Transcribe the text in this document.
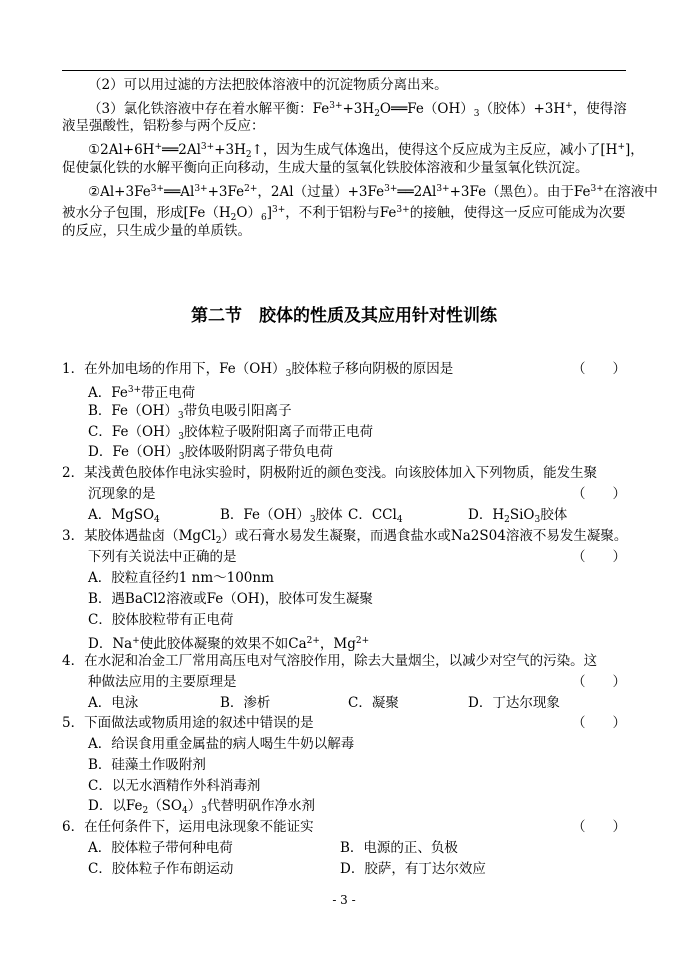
（2）可以用过滤的方法把胶体溶液中的沉淀物质分离出来。
（3）氯化铁溶液中存在着水解平衡：$Fe^{3+}+3H_2O══Fe(OH)_3$（胶体）+3H+，使得溶
液呈强酸性，铝粉参与两个反应：
$①2Al+6H^+══2Al^{3+}+3H_2↑$，因为生成气体逸出，使得这个反应成为主反应，减小了[H+]，
促使氯化铁的水解平衡向正向移动，生成大量的氢氧化铁胶体溶液和少量氢氧化铁沉淀。
$②Al+3Fe^{3+}══Al^{3+}+3Fe^{2+}$，2Al（过量）$+3Fe^{3+}══2Al^{3+}+3Fe$（黑色）。由于$Fe^{3+}$在溶液中
被水分子包围，形成$[Fe(H_2O)_6]^{3+}$，不利于铝粉与$Fe^{3+}$的接触，使得这一反应可能成为次要
的反应，只生成少量的单质铁。
第二节　胶体的性质及其应用针对性训练
1．在外加电场的作用下，$Fe(OH)_3$胶体粒子移向阴极的原因是	（　　）
A．$Fe^{3+}$带正电荷
B．$Fe(OH)_3$带负电吸引阳离子
C．$Fe(OH)_3$胶体粒子吸附阳离子而带正电荷
D．$Fe(OH)_3$胶体吸附阴离子带负电荷
2．某浅黄色胶体作电泳实验时，阴极附近的颜色变浅。向该胶体加入下列物质，能发生聚
沉现象的是	（　　）
A．MgSO$_4$	B．$Fe(OH)_3$胶体 C．CCl$_4$	D．$H_2SiO_3$胶体
3．某胶体遇盐卤（MgCl$_2$）或石膏水易发生凝聚，而遇食盐水或Na2S04溶液不易发生凝聚。
下列有关说法中正确的是	（　　）
A．胶粒直径约1 nm～100nm
B．遇BaCl2溶液或Fe（OH)，胶体可发生凝聚
C．胶体胶粒带有正电荷
D．Na+使此胶体凝聚的效果不如$Ca^{2+}$，$Mg^{2+}$
4．在水泥和冶金工厂常用高压电对气溶胶作用，除去大量烟尘，以减少对空气的污染。这
种做法应用的主要原理是	（　　）
A．电泳	B．渗析	C．凝聚	D．丁达尔现象
5．下面做法或物质用途的叙述中错误的是	（　　）
A．给误食用重金属盐的病人喝生牛奶以解毒
B．硅藻土作吸附剂
C．以无水酒精作外科消毒剂
D．以$Fe_2(SO_4)_3$代替明矾作净水剂
6．在任何条件下，运用电泳现象不能证实	（　　）
A．胶体粒子带何种电荷	B．电源的正、负极
C．胶体粒子作布朗运动	D．胶萨，有丁达尔效应
- 3 -
